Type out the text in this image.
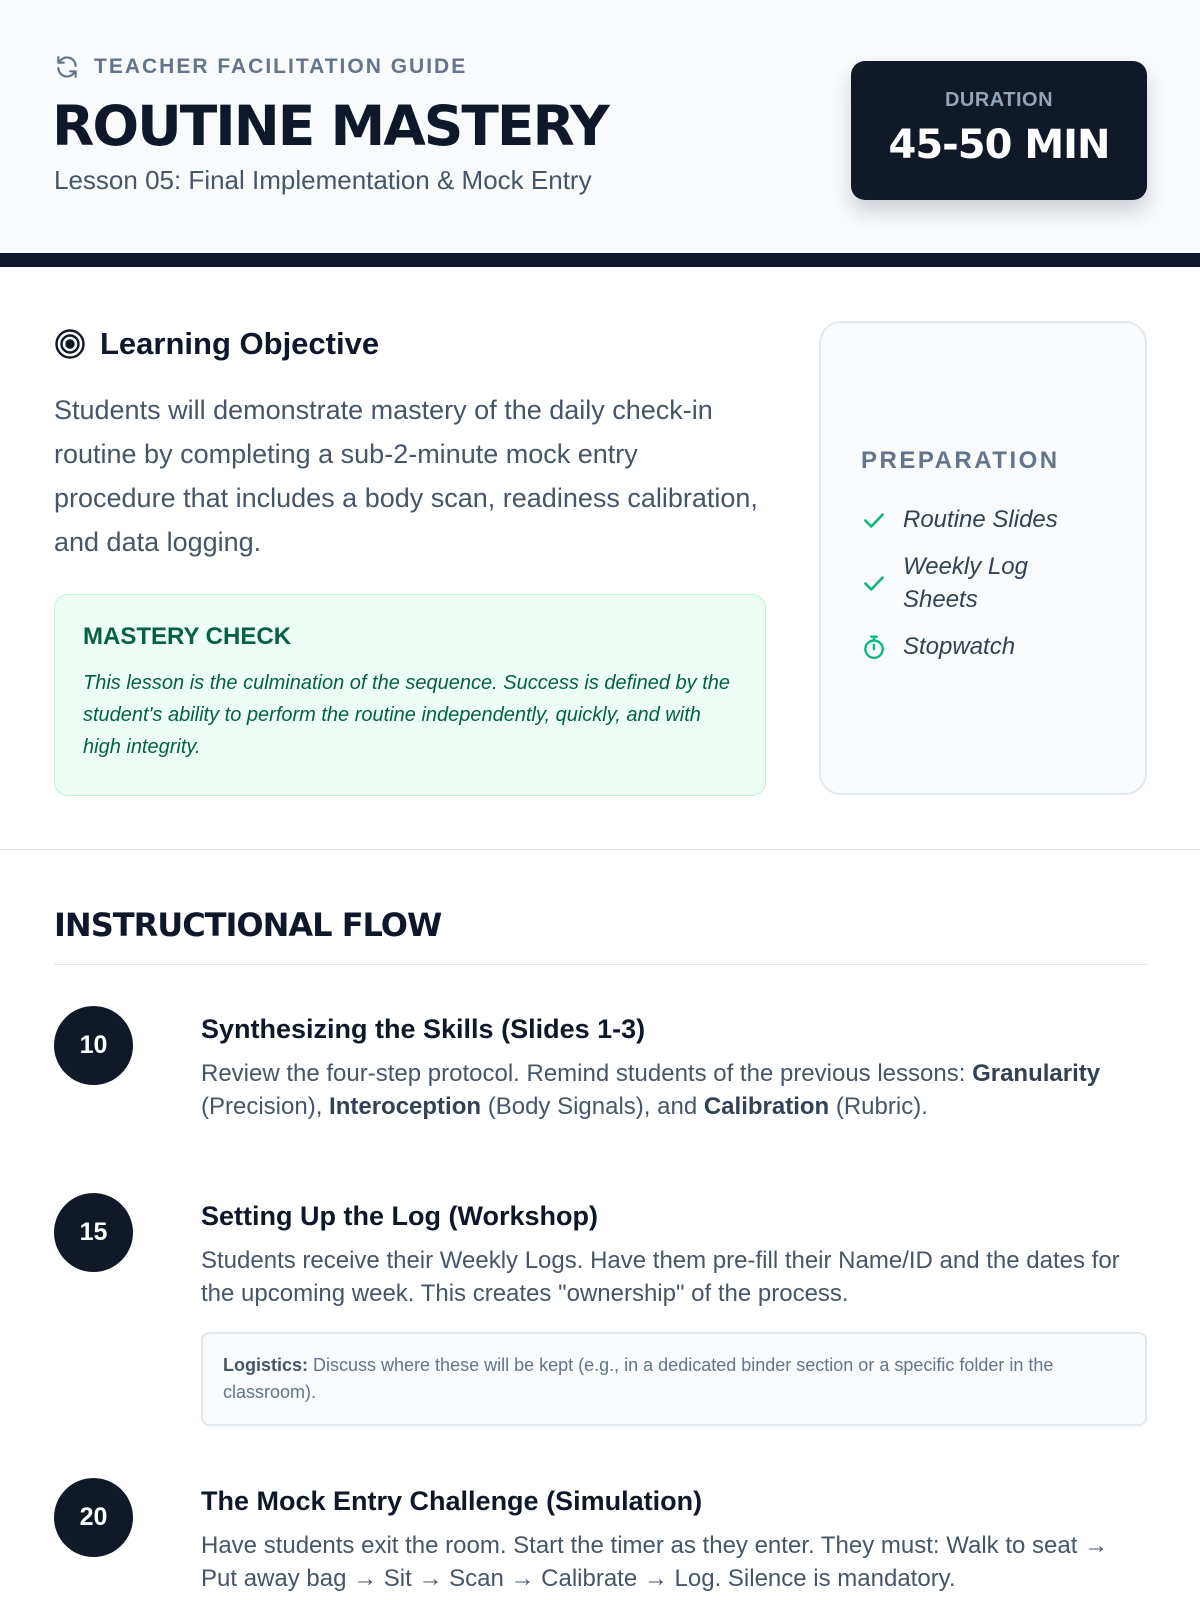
TEACHER FACILITATION GUIDE
ROUTINE MASTERY
Lesson 05: Final Implementation & Mock Entry
DURATION
45-50 MIN
Learning Objective

Students will demonstrate mastery of the daily check-in routine by completing a sub-2-minute mock entry procedure that includes a body scan, readiness calibration, and data logging.

MASTERY CHECK

This lesson is the culmination of the sequence. Success is defined by the student's ability to perform the routine independently, quickly, and with high integrity.

PREPARATION
Routine Slides
Weekly Log Sheets
Stopwatch
INSTRUCTIONAL FLOW
10
Synthesizing the Skills (Slides 1-3)

Review the four-step protocol. Remind students of the previous lessons: Granularity (Precision), Interoception (Body Signals), and Calibration (Rubric).

15
Setting Up the Log (Workshop)

Students receive their Weekly Logs. Have them pre-fill their Name/ID and the dates for the upcoming week. This creates "ownership" of the process.

Logistics: Discuss where these will be kept (e.g., in a dedicated binder section or a specific folder in the classroom).
20
The Mock Entry Challenge (Simulation)

Have students exit the room. Start the timer as they enter. They must: Walk to seat → Put away bag → Sit → Scan → Calibrate → Log. Silence is mandatory.
